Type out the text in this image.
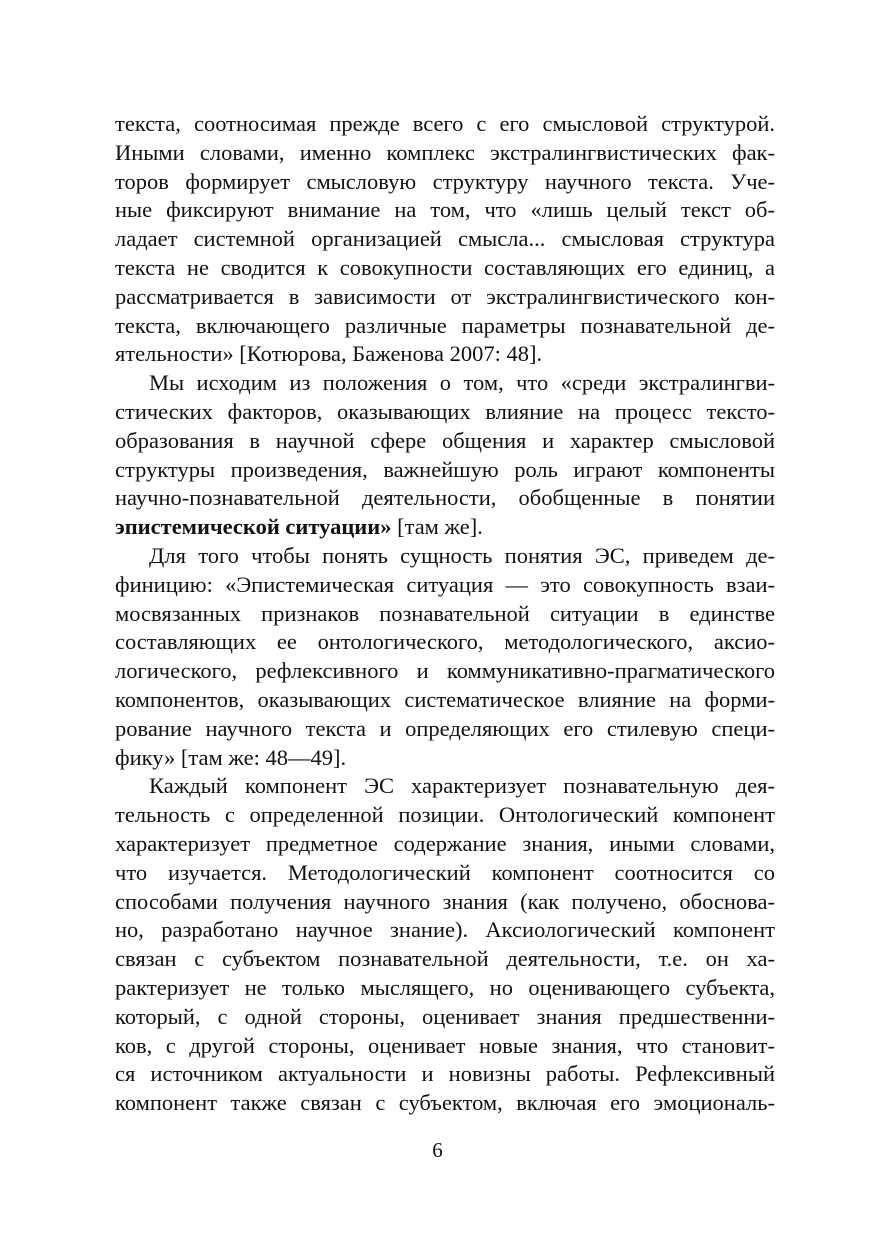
текста, соотносимая прежде всего с его смысловой структурой.
Иными словами, именно комплекс экстралингвистических фак-
торов формирует смысловую структуру научного текста. Уче-
ные фиксируют внимание на том, что «лишь целый текст об-
ладает системной организацией смысла... смысловая структура
текста не сводится к совокупности составляющих его единиц, а
рассматривается в зависимости от экстралингвистического кон-
текста, включающего различные параметры познавательной де-
ятельности» [Котюрова, Баженова 2007: 48].
Мы исходим из положения о том, что «среди экстралингви-
стических факторов, оказывающих влияние на процесс тексто-
образования в научной сфере общения и характер смысловой
структуры произведения, важнейшую роль играют компоненты
научно-познавательной деятельности, обобщенные в понятии
эпистемической ситуации» [там же].
Для того чтобы понять сущность понятия ЭС, приведем де-
финицию: «Эпистемическая ситуация — это совокупность взаи-
мосвязанных признаков познавательной ситуации в единстве
составляющих ее онтологического, методологического, аксио-
логического, рефлексивного и коммуникативно-прагматического
компонентов, оказывающих систематическое влияние на форми-
рование научного текста и определяющих его стилевую специ-
фику» [там же: 48—49].
Каждый компонент ЭС характеризует познавательную дея-
тельность с определенной позиции. Онтологический компонент
характеризует предметное содержание знания, иными словами,
что изучается. Методологический компонент соотносится со
способами получения научного знания (как получено, обоснова-
но, разработано научное знание). Аксиологический компонент
связан с субъектом познавательной деятельности, т.е. он ха-
рактеризует не только мыслящего, но оценивающего субъекта,
который, с одной стороны, оценивает знания предшественни-
ков, с другой стороны, оценивает новые знания, что становит-
ся источником актуальности и новизны работы. Рефлексивный
компонент также связан с субъектом, включая его эмоциональ-
6
